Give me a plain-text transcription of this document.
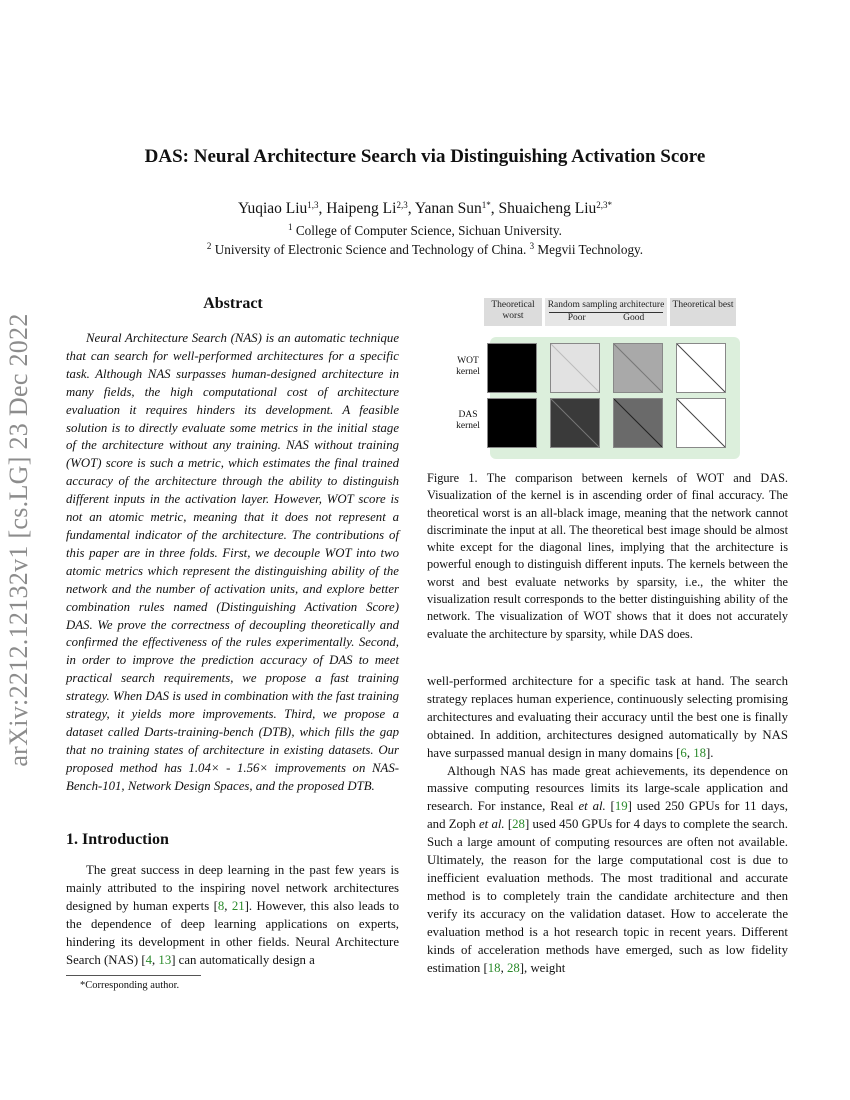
arXiv:2212.12132v1 [cs.LG] 23 Dec 2022
DAS: Neural Architecture Search via Distinguishing Activation Score
Yuqiao Liu$^{1,3}$, Haipeng Li$^{2,3}$, Yanan Sun$^{1*}$, Shuaicheng Liu$^{2,3*}$
$^1$ College of Computer Science, Sichuan University.
$^2$ University of Electronic Science and Technology of China. $^3$ Megvii Technology.
Abstract

Neural Architecture Search (NAS) is an automatic technique that can search for well-performed architectures for a specific task. Although NAS surpasses human-designed architecture in many fields, the high computational cost of architecture evaluation it requires hinders its development. A feasible solution is to directly evaluate some metrics in the initial stage of the architecture without any training. NAS without training (WOT) score is such a metric, which estimates the final trained accuracy of the architecture through the ability to distinguish different inputs in the activation layer. However, WOT score is not an atomic metric, meaning that it does not represent a fundamental indicator of the architecture. The contributions of this paper are in three folds. First, we decouple WOT into two atomic metrics which represent the distinguishing ability of the network and the number of activation units, and explore better combination rules named (Distinguishing Activation Score) DAS. We prove the correctness of decoupling theoretically and confirmed the effectiveness of the rules experimentally. Second, in order to improve the prediction accuracy of DAS to meet practical search requirements, we propose a fast training strategy. When DAS is used in combination with the fast training strategy, it yields more improvements. Third, we propose a dataset called Darts-training-bench (DTB), which fills the gap that no training states of architecture in existing datasets. Our proposed method has 1.04× - 1.56× improvements on NAS-Bench-101, Network Design Spaces, and the proposed DTB.

1. Introduction

The great success in deep learning in the past few years is mainly attributed to the inspiring novel network architectures designed by human experts [8, 21]. However, this also leads to the dependence of deep learning applications on experts, hindering its development in other fields. Neural Architecture Search (NAS) [4, 13] can automatically design a

*Corresponding author.
Theoretical worst
Random sampling architecture
Poor	Good
Theoretical best
WOT kernel
DAS kernel
Figure 1. The comparison between kernels of WOT and DAS. Visualization of the kernel is in ascending order of final accuracy. The theoretical worst is an all-black image, meaning that the network cannot discriminate the input at all. The theoretical best image should be almost white except for the diagonal lines, implying that the architecture is powerful enough to distinguish different inputs. The kernels between the worst and best evaluate networks by sparsity, i.e., the whiter the visualization result corresponds to the better distinguishing ability of the network. The visualization of WOT shows that it does not accurately evaluate the architecture by sparsity, while DAS does.

well-performed architecture for a specific task at hand. The search strategy replaces human experience, continuously selecting promising architectures and evaluating their accuracy until the best one is finally obtained. In addition, architectures designed automatically by NAS have surpassed manual design in many domains [6, 18].

Although NAS has made great achievements, its dependence on massive computing resources limits its large-scale application and research. For instance, Real et al. [19] used 250 GPUs for 11 days, and Zoph et al. [28] used 450 GPUs for 4 days to complete the search. Such a large amount of computing resources are often not available. Ultimately, the reason for the large computational cost is due to inefficient evaluation methods. The most traditional and accurate method is to completely train the candidate architecture and then verify its accuracy on the validation dataset. How to accelerate the evaluation method is a hot research topic in recent years. Different kinds of acceleration methods have emerged, such as low fidelity estimation [18, 28], weight
